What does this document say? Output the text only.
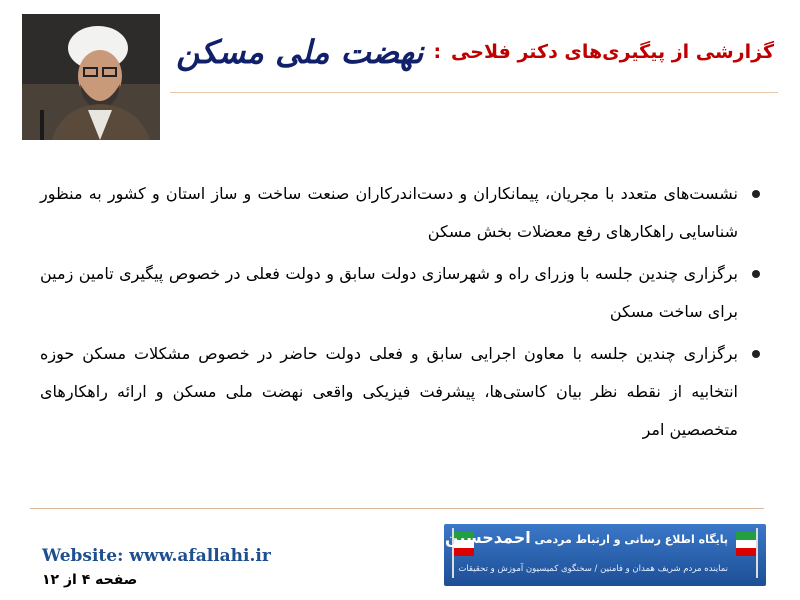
گزارشی از پیگیری‌های دکتر فلاحی
:
نهضت ملی مسکن
نشست‌های متعدد با مجریان، پیمانکاران و دست‌اندرکاران صنعت ساخت و ساز استان و کشور به منظور شناسایی راهکارهای رفع معضلات بخش مسکن
برگزاری چندین جلسه با وزرای راه و شهرسازی دولت سابق و دولت فعلی در خصوص پیگیری تامین زمین برای ساخت مسکن
برگزاری چندین جلسه با معاون اجرایی سابق و فعلی دولت حاضر در خصوص مشکلات مسکن حوزه انتخابیه از نقطه نظر بیان کاستی‌ها، پیشرفت فیزیکی واقعی نهضت ملی مسکن و ارائه راهکارهای متخصصین امر
Website: www.afallahi.ir
صفحه ۴ از ۱۲
پایگاه اطلاع رسانی و ارتباط مردمی احمدحسین فلاحی
نماینده مردم شریف همدان و فامنین / سخنگوی کمیسیون آموزش و تحقیقات
